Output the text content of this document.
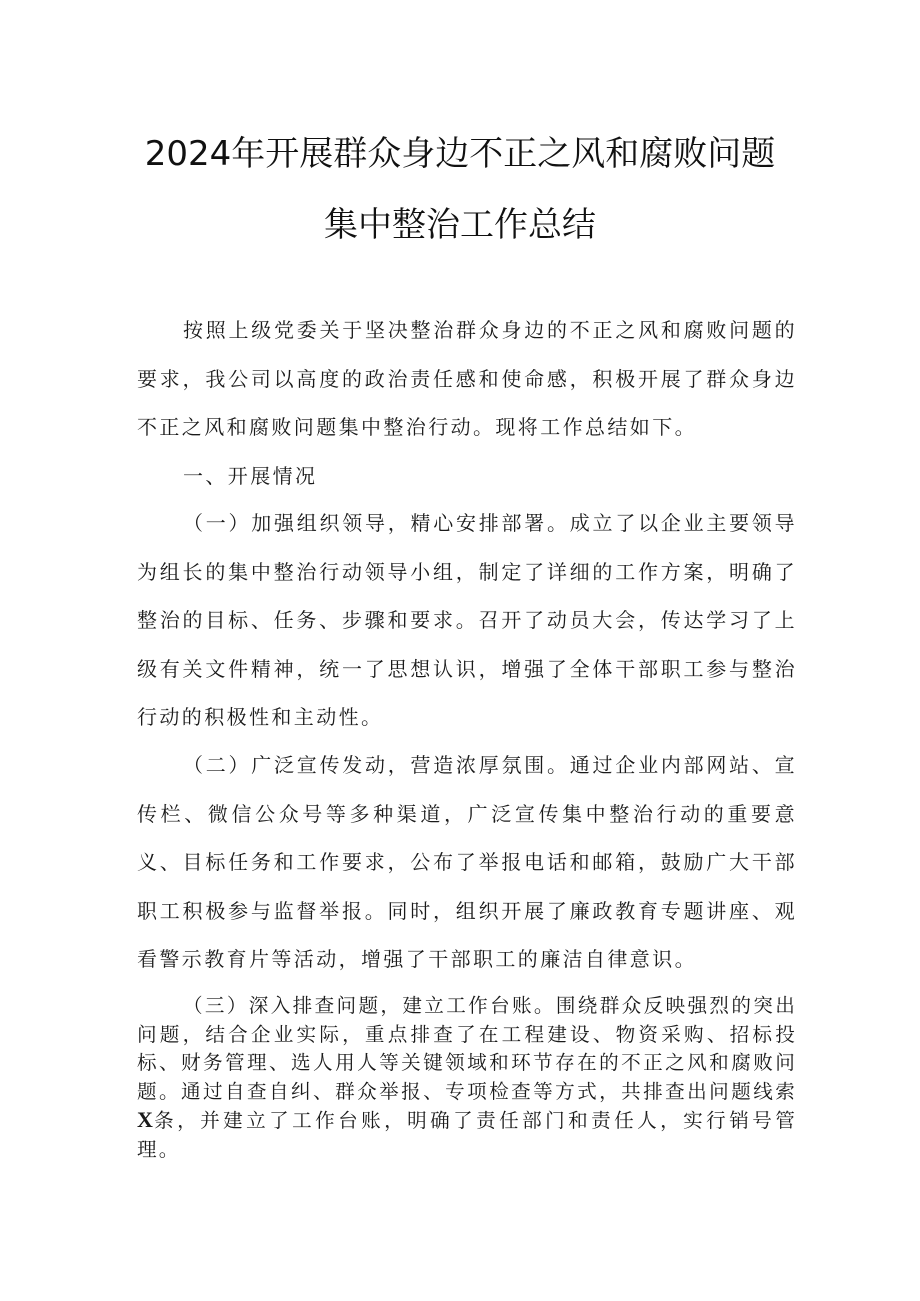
2024年开展群众身边不正之风和腐败问题
集中整治工作总结

按照上级党委关于坚决整治群众身边的不正之风和腐败问题的要求，我公司以高度的政治责任感和使命感，积极开展了群众身边不正之风和腐败问题集中整治行动。现将工作总结如下。

一、开展情况

（一）加强组织领导，精心安排部署。成立了以企业主要领导为组长的集中整治行动领导小组，制定了详细的工作方案，明确了整治的目标、任务、步骤和要求。召开了动员大会，传达学习了上级有关文件精神，统一了思想认识，增强了全体干部职工参与整治行动的积极性和主动性。

（二）广泛宣传发动，营造浓厚氛围。通过企业内部网站、宣传栏、微信公众号等多种渠道，广泛宣传集中整治行动的重要意义、目标任务和工作要求，公布了举报电话和邮箱，鼓励广大干部职工积极参与监督举报。同时，组织开展了廉政教育专题讲座、观看警示教育片等活动，增强了干部职工的廉洁自律意识。

（三）深入排查问题，建立工作台账。围绕群众反映强烈的突出问题，结合企业实际，重点排查了在工程建设、物资采购、招标投标、财务管理、选人用人等关键领域和环节存在的不正之风和腐败问题。通过自查自纠、群众举报、专项检查等方式，共排查出问题线索X条，并建立了工作台账，明确了责任部门和责任人，实行销号管理。
